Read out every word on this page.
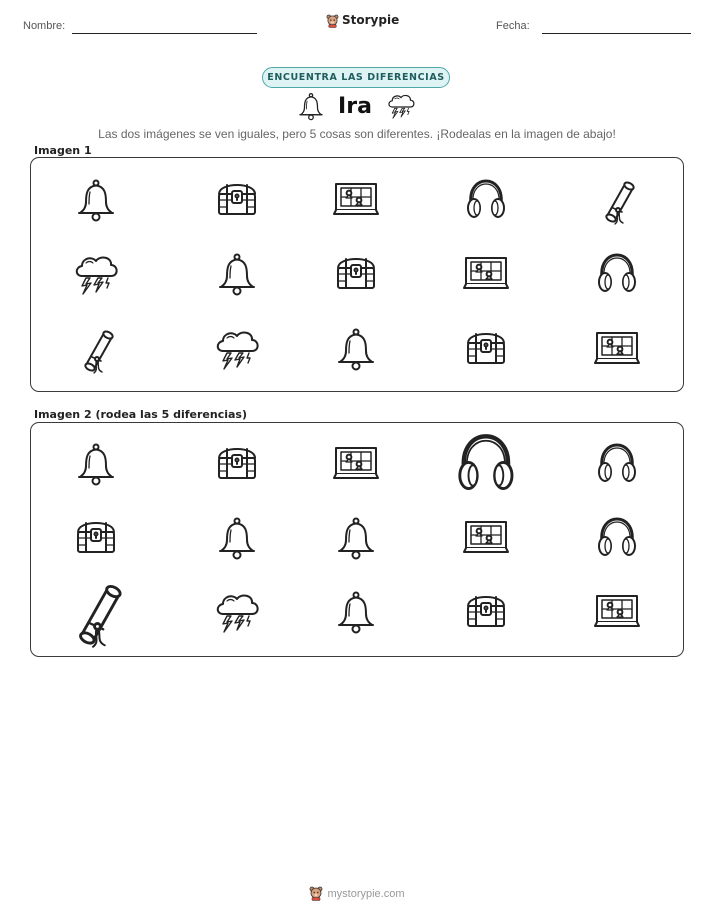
Nombre:	Storypie	Fecha:
ENCUENTRA LAS DIFERENCIAS
Ira
Las dos imágenes se ven iguales, pero 5 cosas son diferentes. ¡Rodealas en la imagen de abajo!
Imagen 1
Imagen 2 (rodea las 5 diferencias)
mystorypie.com
